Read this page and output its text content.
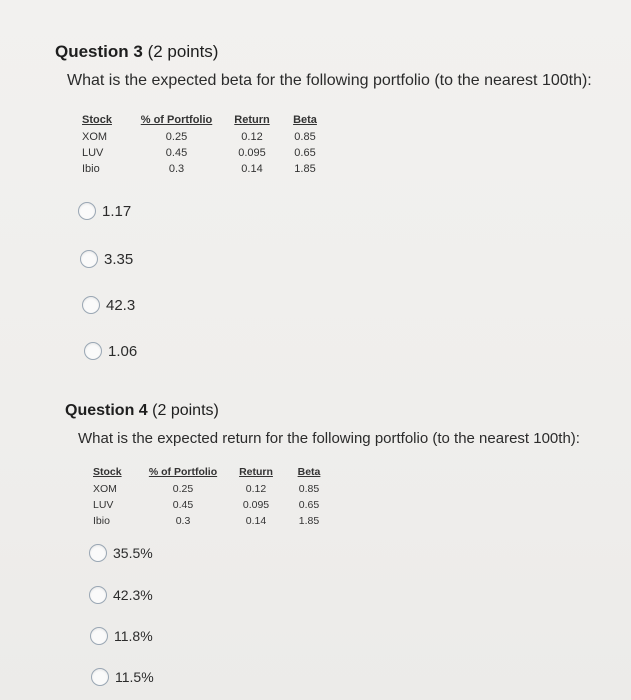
Question 3 (2 points)
What is the expected beta for the following portfolio (to the nearest 100th):
Stock	% of Portfolio	Return	Beta
XOM	0.25	0.12	0.85
LUV	0.45	0.095	0.65
Ibio	0.3	0.14	1.85
1.17
3.35
42.3
1.06
Question 4 (2 points)
What is the expected return for the following portfolio (to the nearest 100th):
Stock	% of Portfolio	Return	Beta
XOM	0.25	0.12	0.85
LUV	0.45	0.095	0.65
Ibio	0.3	0.14	1.85
35.5%
42.3%
11.8%
11.5%
